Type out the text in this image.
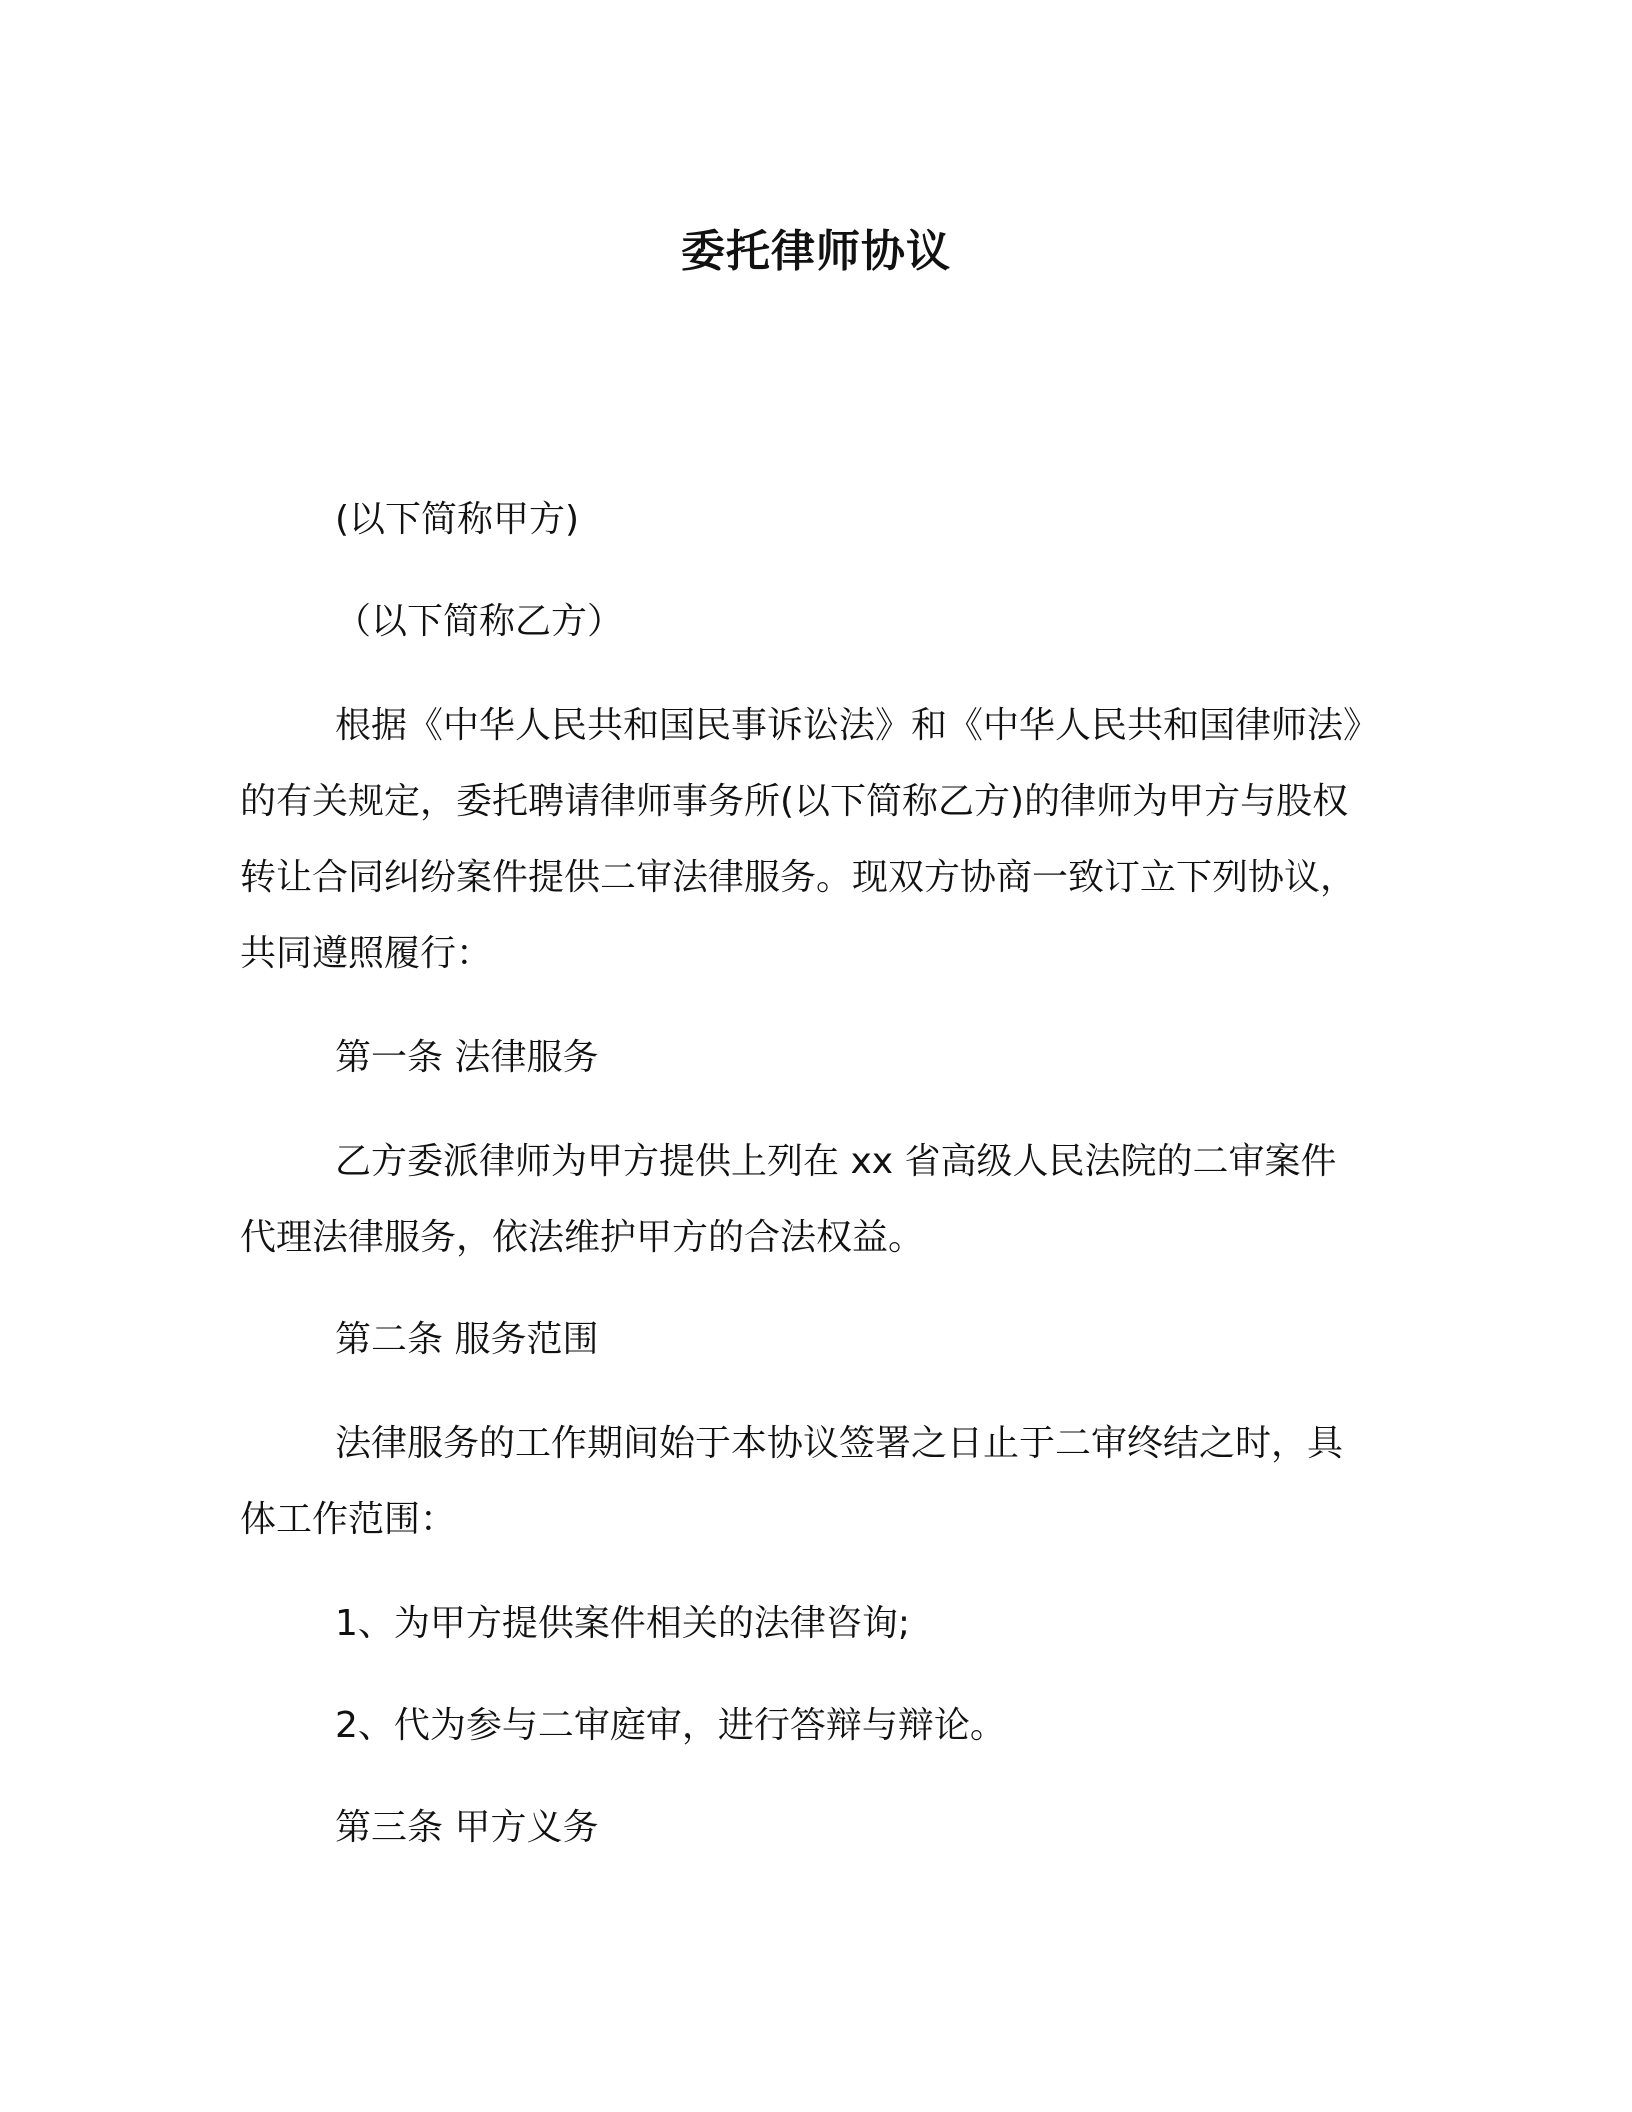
委托律师协议
(以下简称甲方)
（以下简称乙方）
根据《中华人民共和国民事诉讼法》和《中华人民共和国律师法》
的有关规定，委托聘请律师事务所(以下简称乙方)的律师为甲方与股权
转让合同纠纷案件提供二审法律服务。现双方协商一致订立下列协议，
共同遵照履行：
第一条 法律服务
乙方委派律师为甲方提供上列在 xx 省高级人民法院的二审案件
代理法律服务，依法维护甲方的合法权益。
第二条 服务范围
法律服务的工作期间始于本协议签署之日止于二审终结之时，具
体工作范围：
1、为甲方提供案件相关的法律咨询;
2、代为参与二审庭审，进行答辩与辩论。
第三条 甲方义务
